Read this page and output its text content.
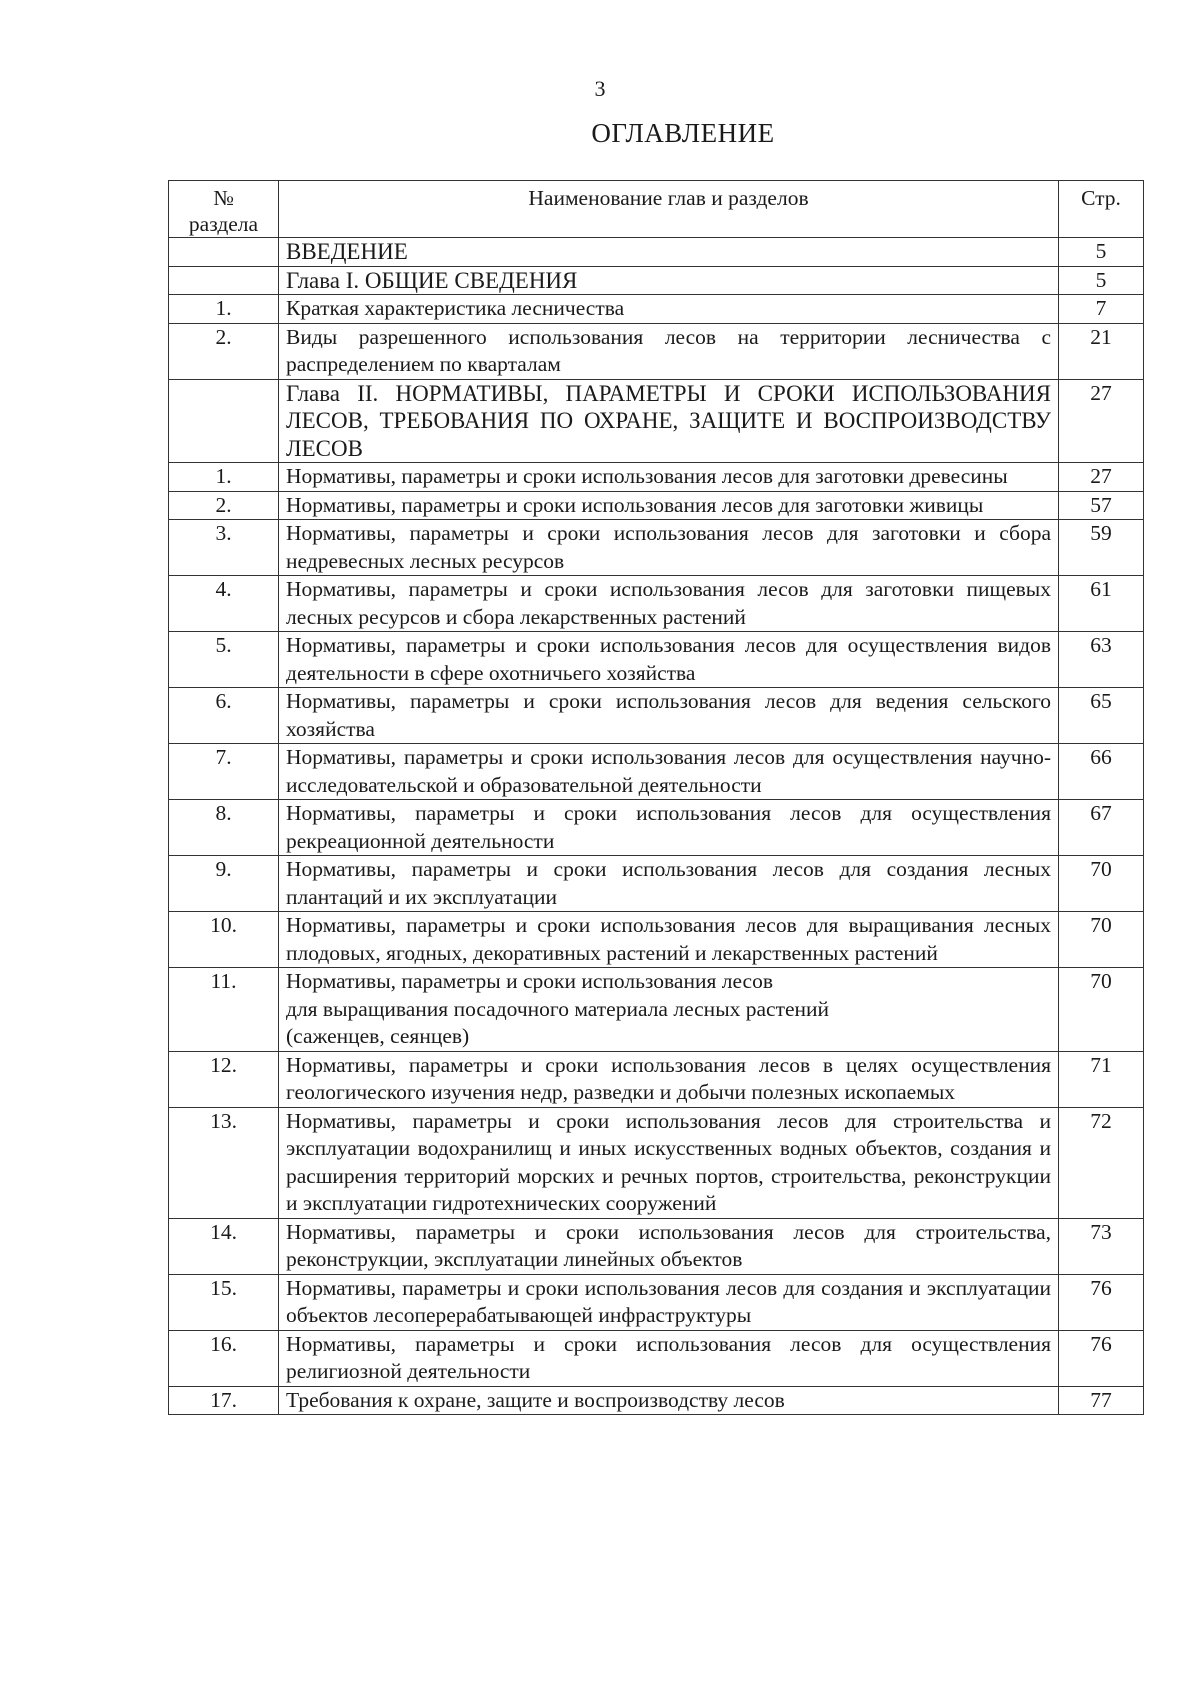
3
ОГЛАВЛЕНИЕ
№
раздела	Наименование глав и разделов	Стр.
	ВВЕДЕНИЕ	5
	Глава I. ОБЩИЕ СВЕДЕНИЯ	5
1.	Краткая характеристика лесничества	7
2.	Виды разрешенного использования лесов на территории лесничества с распределением по кварталам	21
	Глава II. НОРМАТИВЫ, ПАРАМЕТРЫ И СРОКИ ИСПОЛЬЗОВАНИЯ ЛЕСОВ, ТРЕБОВАНИЯ ПО ОХРАНЕ, ЗАЩИТЕ И ВОСПРОИЗВОДСТВУ ЛЕСОВ	27
1.	Нормативы, параметры и сроки использования лесов для заготовки древесины	27
2.	Нормативы, параметры и сроки использования лесов для заготовки живицы	57
3.	Нормативы, параметры и сроки использования лесов для заготовки и сбора недревесных лесных ресурсов	59
4.	Нормативы, параметры и сроки использования лесов для заготовки пищевых лесных ресурсов и сбора лекарственных растений	61
5.	Нормативы, параметры и сроки использования лесов для осуществления видов деятельности в сфере охотничьего хозяйства	63
6.	Нормативы, параметры и сроки использования лесов для ведения сельского хозяйства	65
7.	Нормативы, параметры и сроки использования лесов для осуществления научно-исследовательской и образовательной деятельности	66
8.	Нормативы, параметры и сроки использования лесов для осуществления рекреационной деятельности	67
9.	Нормативы, параметры и сроки использования лесов для создания лесных плантаций и их эксплуатации	70
10.	Нормативы, параметры и сроки использования лесов для выращивания лесных плодовых, ягодных, декоративных растений и лекарственных растений	70
11.	Нормативы, параметры и сроки использования лесов
для выращивания посадочного материала лесных растений
(саженцев, сеянцев)	70
12.	Нормативы, параметры и сроки использования лесов в целях осуществления геологического изучения недр, разведки и добычи полезных ископаемых	71
13.	Нормативы, параметры и сроки использования лесов для строительства и эксплуатации водохранилищ и иных искусственных водных объектов, создания и расширения территорий морских и речных портов, строительства, реконструкции и эксплуатации гидротехнических сооружений	72
14.	Нормативы, параметры и сроки использования лесов для строительства, реконструкции, эксплуатации линейных объектов	73
15.	Нормативы, параметры и сроки использования лесов для создания и эксплуатации объектов лесоперерабатывающей инфраструктуры	76
16.	Нормативы, параметры и сроки использования лесов для осуществления религиозной деятельности	76
17.	Требования к охране, защите и воспроизводству лесов	77
